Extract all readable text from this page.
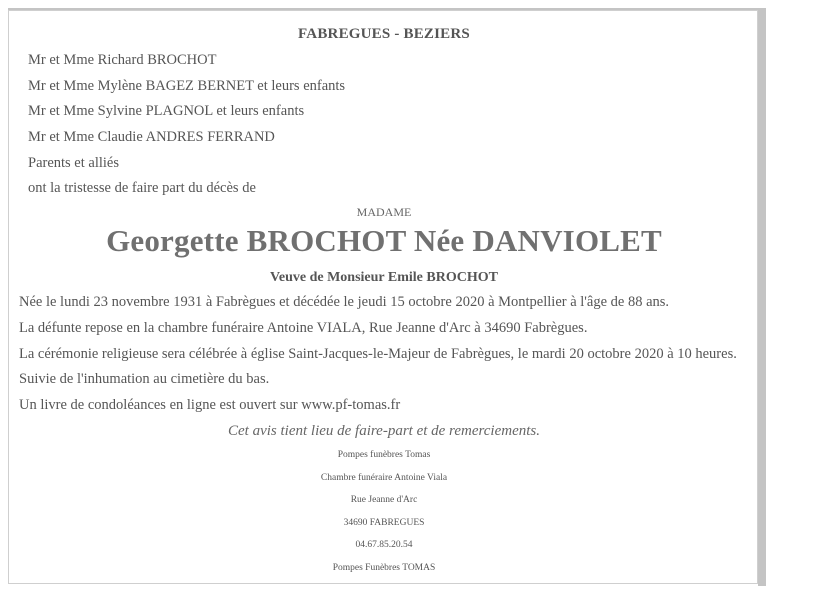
FABREGUES - BEZIERS
Mr et Mme Richard BROCHOT
Mr et Mme Mylène BAGEZ BERNET et leurs enfants
Mr et Mme Sylvine PLAGNOL et leurs enfants
Mr et Mme Claudie ANDRES FERRAND
Parents et alliés
ont la tristesse de faire part du décès de
MADAME
Georgette BROCHOT Née DANVIOLET
Veuve de Monsieur Emile BROCHOT
Née le lundi 23 novembre 1931 à Fabrègues et décédée le jeudi 15 octobre 2020 à Montpellier à l'âge de 88 ans.
La défunte repose en la chambre funéraire Antoine VIALA, Rue Jeanne d'Arc à 34690 Fabrègues.
La cérémonie religieuse sera célébrée à église Saint-Jacques-le-Majeur de Fabrègues, le mardi 20 octobre 2020 à 10 heures.
Suivie de l'inhumation au cimetière du bas.
Un livre de condoléances en ligne est ouvert sur www.pf-tomas.fr
Cet avis tient lieu de faire-part et de remerciements.
Pompes funèbres Tomas
Chambre funéraire Antoine Viala
Rue Jeanne d'Arc
34690 FABREGUES
04.67.85.20.54
Pompes Funèbres TOMAS
